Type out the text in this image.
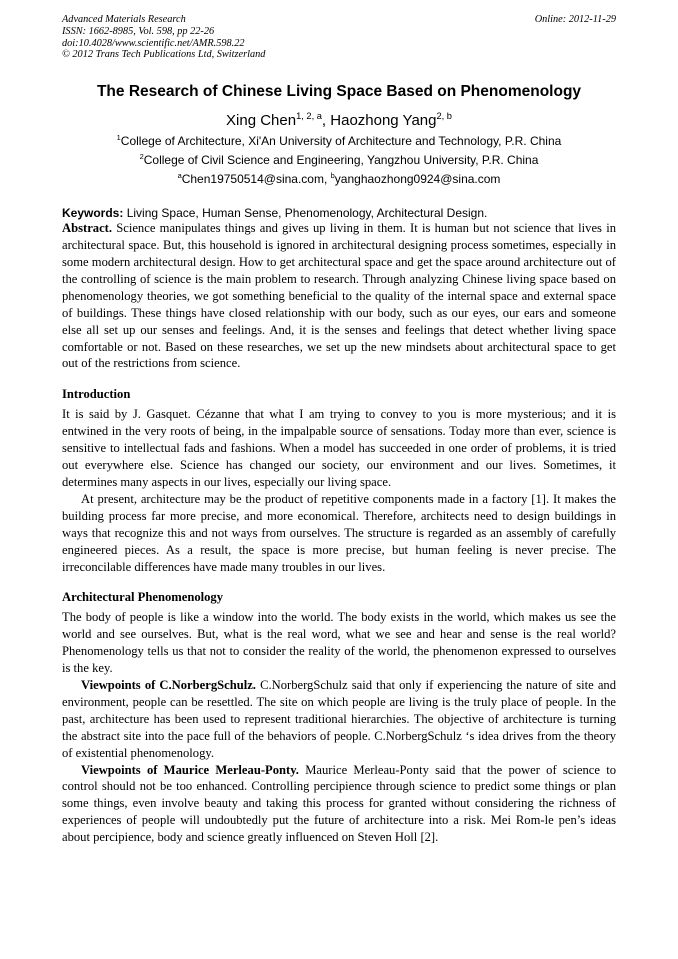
Advanced Materials Research
ISSN: 1662-8985, Vol. 598, pp 22-26
doi:10.4028/www.scientific.net/AMR.598.22
© 2012 Trans Tech Publications Ltd, Switzerland
Online: 2012-11-29
The Research of Chinese Living Space Based on Phenomenology
Xing Chen$^{1, 2, a}$, Haozhong Yang$^{2, b}$
$^1$College of Architecture, Xi'An University of Architecture and Technology, P.R. China
$^2$College of Civil Science and Engineering, Yangzhou University, P.R. China
$^a$Chen19750514@sina.com, $^b$yanghaozhong0924@sina.com
Keywords: Living Space, Human Sense, Phenomenology, Architectural Design.

Abstract. Science manipulates things and gives up living in them. It is human but not science that lives in architectural space. But, this household is ignored in architectural designing process sometimes, especially in some modern architectural design. How to get architectural space and get the space around architecture out of the controlling of science is the main problem to research. Through analyzing Chinese living space based on phenomenology theories, we got something beneficial to the quality of the internal space and external space of buildings. These things have closed relationship with our body, such as our eyes, our ears and someone else all set up our senses and feelings. And, it is the senses and feelings that detect whether living space comfortable or not. Based on these researches, we set up the new mindsets about architectural space to get out of the restrictions from science.

Introduction

It is said by J. Gasquet. Cézanne that what I am trying to convey to you is more mysterious; and it is entwined in the very roots of being, in the impalpable source of sensations. Today more than ever, science is sensitive to intellectual fads and fashions. When a model has succeeded in one order of problems, it is tried out everywhere else. Science has changed our society, our environment and our lives. Sometimes, it determines many aspects in our lives, especially our living space.

At present, architecture may be the product of repetitive components made in a factory [1]. It makes the building process far more precise, and more economical. Therefore, architects need to design buildings in ways that recognize this and not ways from ourselves. The structure is regarded as an assembly of carefully engineered pieces. As a result, the space is more precise, but human feeling is never precise. The irreconcilable differences have made many troubles in our lives.

Architectural Phenomenology

The body of people is like a window into the world. The body exists in the world, which makes us see the world and see ourselves. But, what is the real word, what we see and hear and sense is the real world? Phenomenology tells us that not to consider the reality of the world, the phenomenon expressed to ourselves is the key.

Viewpoints of C.NorbergSchulz. C.NorbergSchulz said that only if experiencing the nature of site and environment, people can be resettled. The site on which people are living is the truly place of people. In the past, architecture has been used to represent traditional hierarchies. The objective of architecture is turning the abstract site into the pace full of the behaviors of people. C.NorbergSchulz ‘s idea drives from the theory of existential phenomenology.

Viewpoints of Maurice Merleau-Ponty. Maurice Merleau-Ponty said that the power of science to control should not be too enhanced. Controlling percipience through science to predict some things or plan some things, even involve beauty and taking this process for granted without considering the richness of experiences of people will undoubtedly put the future of architecture into a risk. Mei Rom-le pen’s ideas about percipience, body and science greatly influenced on Steven Holl [2].
